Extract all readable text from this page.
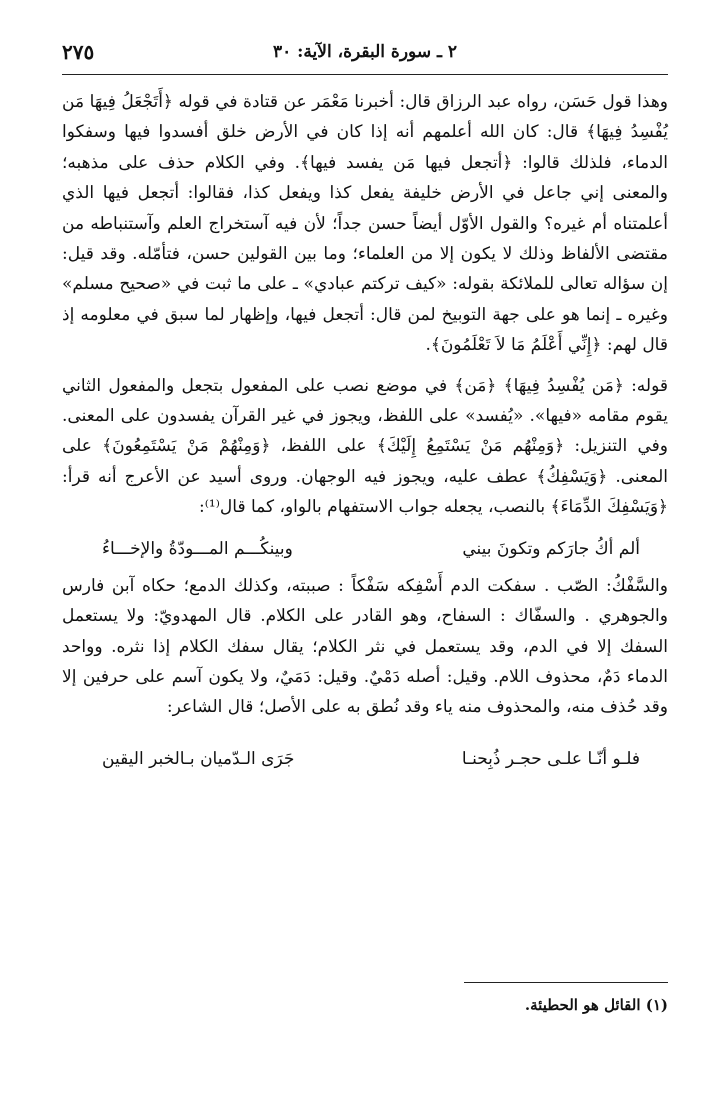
٢ ـ سورة البقرة، الآية: ٣٠
٢٧٥

وهذا قول حَسَن، رواه عبد الرزاق قال: أخبرنا مَعْمَر عن قتادة في قوله ﴿أَتَجْعَلُ فِيهَا مَن يُفْسِدُ فِيهَا﴾ قال: كان الله أعلمهم أنه إذا كان في الأرض خلق أفسدوا فيها وسفكوا الدماء، فلذلك قالوا: ﴿أتجعل فيها مَن يفسد فيها﴾. وفي الكلام حذف على مذهبه؛ والمعنى إني جاعل في الأرض خليفة يفعل كذا ويفعل كذا، فقالوا: أتجعل فيها الذي أعلمتناه أم غيره؟ والقول الأوّل أيضاً حسن جداً؛ لأن فيه آستخراج العلم وآستنباطه من مقتضى الألفاظ وذلك لا يكون إلا من العلماء؛ وما بين القولين حسن، فتأمّله. وقد قيل: إن سؤاله تعالى للملائكة بقوله: «كيف تركتم عبادي» ـ على ما ثبت في «صحيح مسلم» وغيره ـ إنما هو على جهة التوبيخ لمن قال: أتجعل فيها، وإظهار لما سبق في معلومه إذ قال لهم: ﴿إِنِّي أَعْلَمُ مَا لاَ تَعْلَمُونَ﴾.

قوله: ﴿مَن يُفْسِدُ فِيهَا﴾ ﴿مَن﴾ في موضع نصب على المفعول بتجعل والمفعول الثاني يقوم مقامه «فيها». «يُفسد» على اللفظ، ويجوز في غير القرآن يفسدون على المعنى. وفي التنزيل: ﴿وَمِنْهُم مَنْ يَسْتَمِعُ إِلَيْكَ﴾ على اللفظ، ﴿وَمِنْهُمْ مَنْ يَسْتَمِعُونَ﴾ على المعنى. ﴿وَيَسْفِكُ﴾ عطف عليه، ويجوز فيه الوجهان. وروى أسيد عن الأعرج أنه قرأ: ﴿وَيَسْفِكَ الدِّمَاءَ﴾ بالنصب، يجعله جواب الاستفهام بالواو، كما قال⁽¹⁾:

ألم أكُ جارَكم وتكونَ بيني
وبينكُـــم المـــودّةُ والإخـــاءُ

والسَّفْكُ: الصّب . سفكت الدم أَسْفِكه سَفْكاً : صببته، وكذلك الدمع؛ حكاه آبن فارس والجوهري . والسفّاك : السفاح، وهو القادر على الكلام. قال المهدويّ: ولا يستعمل السفك إلا في الدم، وقد يستعمل في نثر الكلام؛ يقال سفك الكلام إذا نثره. وواحد الدماء دَمٌ، محذوف اللام. وقيل: أصله دَمْيٌ. وقيل: دَمَيٌ، ولا يكون آسم على حرفين إلا وقد حُذف منه، والمحذوف منه ياء وقد نُطق به على الأصل؛ قال الشاعر:

فلـو أنّـا علـى حجـر ذُبِحنـا
جَرَى الـدّميان بـالخبر اليقين
(١) القائل هو الحطيئة.
